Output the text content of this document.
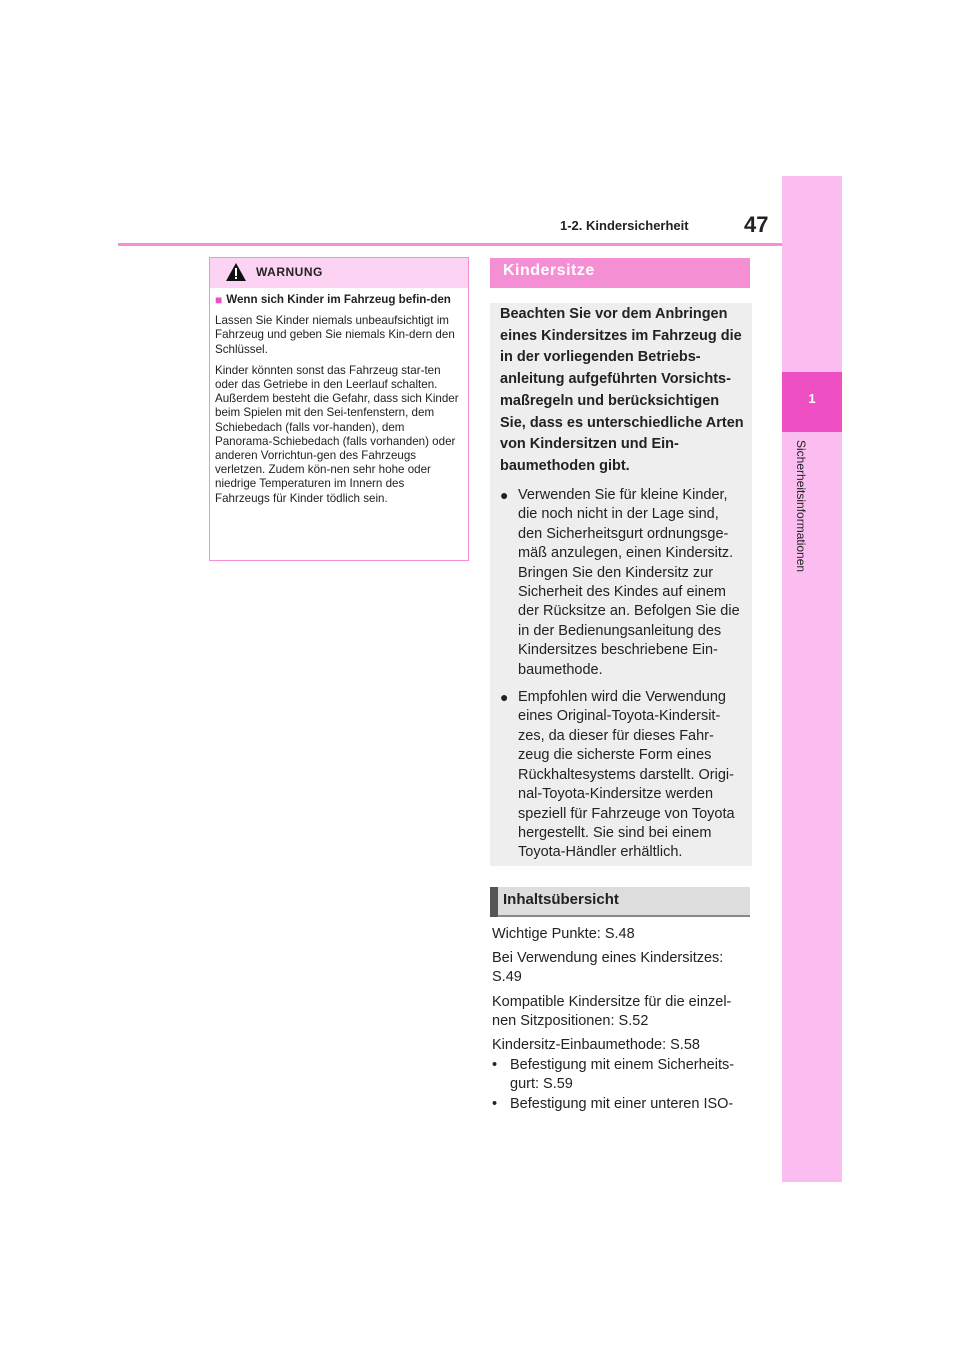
1-2. Kindersicherheit	47
1
Sicherheitsinformationen
WARNUNG

■ Wenn sich Kinder im Fahrzeug befin-den

Lassen Sie Kinder niemals unbeaufsichtigt im Fahrzeug und geben Sie niemals Kin-dern den Schlüssel.

Kinder könnten sonst das Fahrzeug star-ten oder das Getriebe in den Leerlauf schalten. Außerdem besteht die Gefahr, dass sich Kinder beim Spielen mit den Sei-tenfenstern, dem Schiebedach (falls vor-handen), dem Panorama-Schiebedach (falls vorhanden) oder anderen Vorrichtun-gen des Fahrzeugs verletzen. Zudem kön-nen sehr hohe oder niedrige Temperaturen im Innern des Fahrzeugs für Kinder tödlich sein.

Kindersitze
Beachten Sie vor dem Anbringen eines Kindersitzes im Fahrzeug die in der vorliegenden Betriebs-anleitung aufgeführten Vorsichts-maßregeln und berücksichtigen Sie, dass es unterschiedliche Arten von Kindersitzen und Ein-baumethoden gibt.
● Verwenden Sie für kleine Kinder, die noch nicht in der Lage sind, den Sicherheitsgurt ordnungsge-mäß anzulegen, einen Kindersitz. Bringen Sie den Kindersitz zur Sicherheit des Kindes auf einem der Rücksitze an. Befolgen Sie die in der Bedienungsanleitung des Kindersitzes beschriebene Ein-baumethode.
● Empfohlen wird die Verwendung eines Original-Toyota-Kindersit-zes, da dieser für dieses Fahr-zeug die sicherste Form eines Rückhaltesystems darstellt. Origi-nal-Toyota-Kindersitze werden speziell für Fahrzeuge von Toyota hergestellt. Sie sind bei einem Toyota-Händler erhältlich.
Inhaltsübersicht

Wichtige Punkte: S.48

Bei Verwendung eines Kindersitzes: S.49

Kompatible Kindersitze für die einzel-nen Sitzpositionen: S.52

Kindersitz-Einbaumethode: S.58

• Befestigung mit einem Sicherheits-gurt: S.59
• Befestigung mit einer unteren ISO-
